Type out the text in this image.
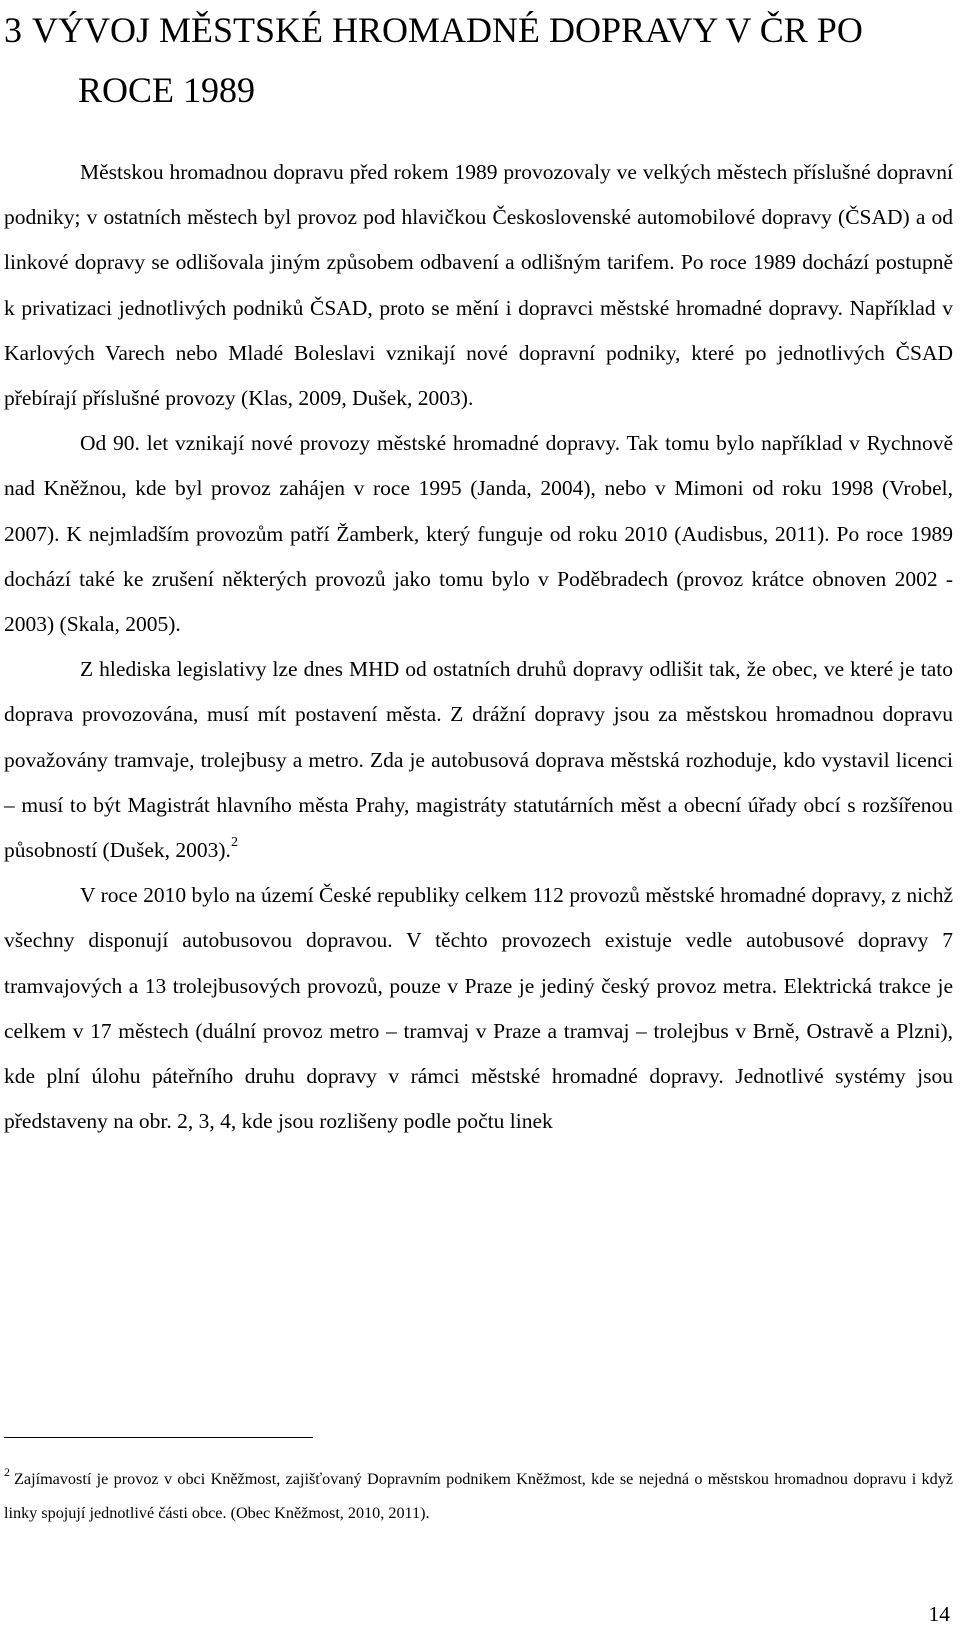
3 VÝVOJ MĚSTSKÉ HROMADNÉ DOPRAVY V ČR PO
ROCE 1989

Městskou hromadnou dopravu před rokem 1989 provozovaly ve velkých městech příslušné dopravní podniky; v ostatních městech byl provoz pod hlavičkou Československé automobilové dopravy (ČSAD) a od linkové dopravy se odlišovala jiným způsobem odbavení a odlišným tarifem. Po roce 1989 dochází postupně k privatizaci jednotlivých podniků ČSAD, proto se mění i dopravci městské hromadné dopravy. Například v Karlových Varech nebo Mladé Boleslavi vznikají nové dopravní podniky, které po jednotlivých ČSAD přebírají příslušné provozy (Klas, 2009, Dušek, 2003).

Od 90. let vznikají nové provozy městské hromadné dopravy. Tak tomu bylo například v Rychnově nad Kněžnou, kde byl provoz zahájen v roce 1995 (Janda, 2004), nebo v Mimoni od roku 1998 (Vrobel, 2007). K nejmladším provozům patří Žamberk, který funguje od roku 2010 (Audisbus, 2011). Po roce 1989 dochází také ke zrušení některých provozů jako tomu bylo v Poděbradech (provoz krátce obnoven 2002 - 2003) (Skala, 2005).

Z hlediska legislativy lze dnes MHD od ostatních druhů dopravy odlišit tak, že obec, ve které je tato doprava provozována, musí mít postavení města. Z drážní dopravy jsou za městskou hromadnou dopravu považovány tramvaje, trolejbusy a metro. Zda je autobusová doprava městská rozhoduje, kdo vystavil licenci – musí to být Magistrát hlavního města Prahy, magistráty statutárních měst a obecní úřady obcí s rozšířenou působností (Dušek, 2003).$^2$

V roce 2010 bylo na území České republiky celkem 112 provozů městské hromadné dopravy, z nichž všechny disponují autobusovou dopravou. V těchto provozech existuje vedle autobusové dopravy 7 tramvajových a 13 trolejbusových provozů, pouze v Praze je jediný český provoz metra. Elektrická trakce je celkem v 17 městech (duální provoz metro – tramvaj v Praze a tramvaj – trolejbus v Brně, Ostravě a Plzni), kde plní úlohu páteřního druhu dopravy v rámci městské hromadné dopravy. Jednotlivé systémy jsou představeny na obr. 2, 3, 4, kde jsou rozlišeny podle počtu linek

$^2$ Zajímavostí je provoz v obci Kněžmost, zajišťovaný Dopravním podnikem Kněžmost, kde se nejedná o městskou hromadnou dopravu i když linky spojují jednotlivé části obce. (Obec Kněžmost, 2010, 2011).

14
